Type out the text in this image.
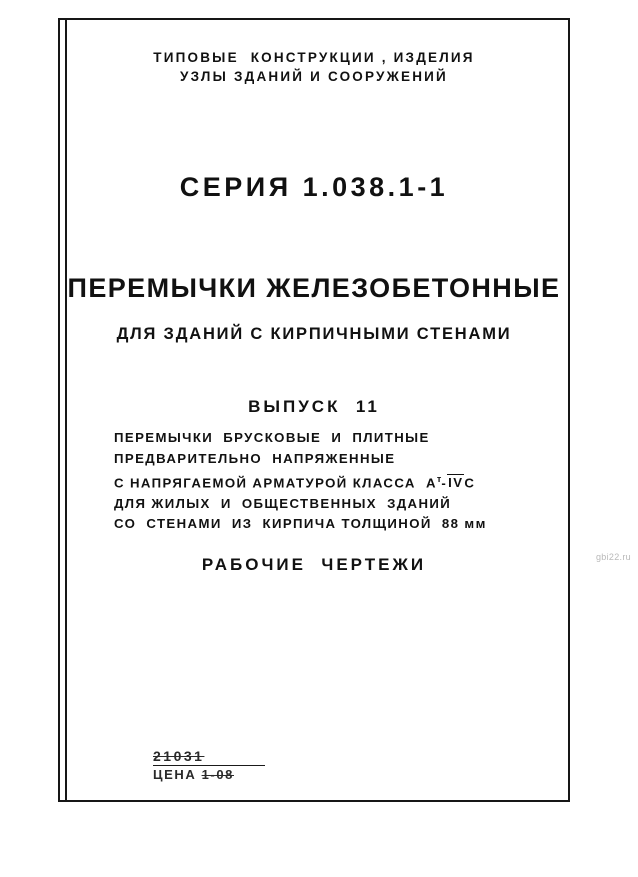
ТИПОВЫЕ  КОНСТРУКЦИИ , ИЗДЕЛИЯ
УЗЛЫ ЗДАНИЙ И СООРУЖЕНИЙ
СЕРИЯ 1.038.1-1
ПЕРЕМЫЧКИ ЖЕЛЕЗОБЕТОННЫЕ
ДЛЯ ЗДАНИЙ С КИРПИЧНЫМИ СТЕНАМИ
ВЫПУСК  11
ПЕРЕМЫЧКИ  БРУСКОВЫЕ  И  ПЛИТНЫЕ
ПРЕДВАРИТЕЛЬНО  НАПРЯЖЕННЫЕ
С НАПРЯГАЕМОЙ АРМАТУРОЙ КЛАССА  $А^т$-IVC
ДЛЯ ЖИЛЫХ  И  ОБЩЕСТВЕННЫХ  ЗДАНИЙ
СО  СТЕНАМИ  ИЗ  КИРПИЧА ТОЛЩИНОЙ  88 мм
РАБОЧИЕ  ЧЕРТЕЖИ
21031
ЦЕНА 1-08
gbi22.ru
